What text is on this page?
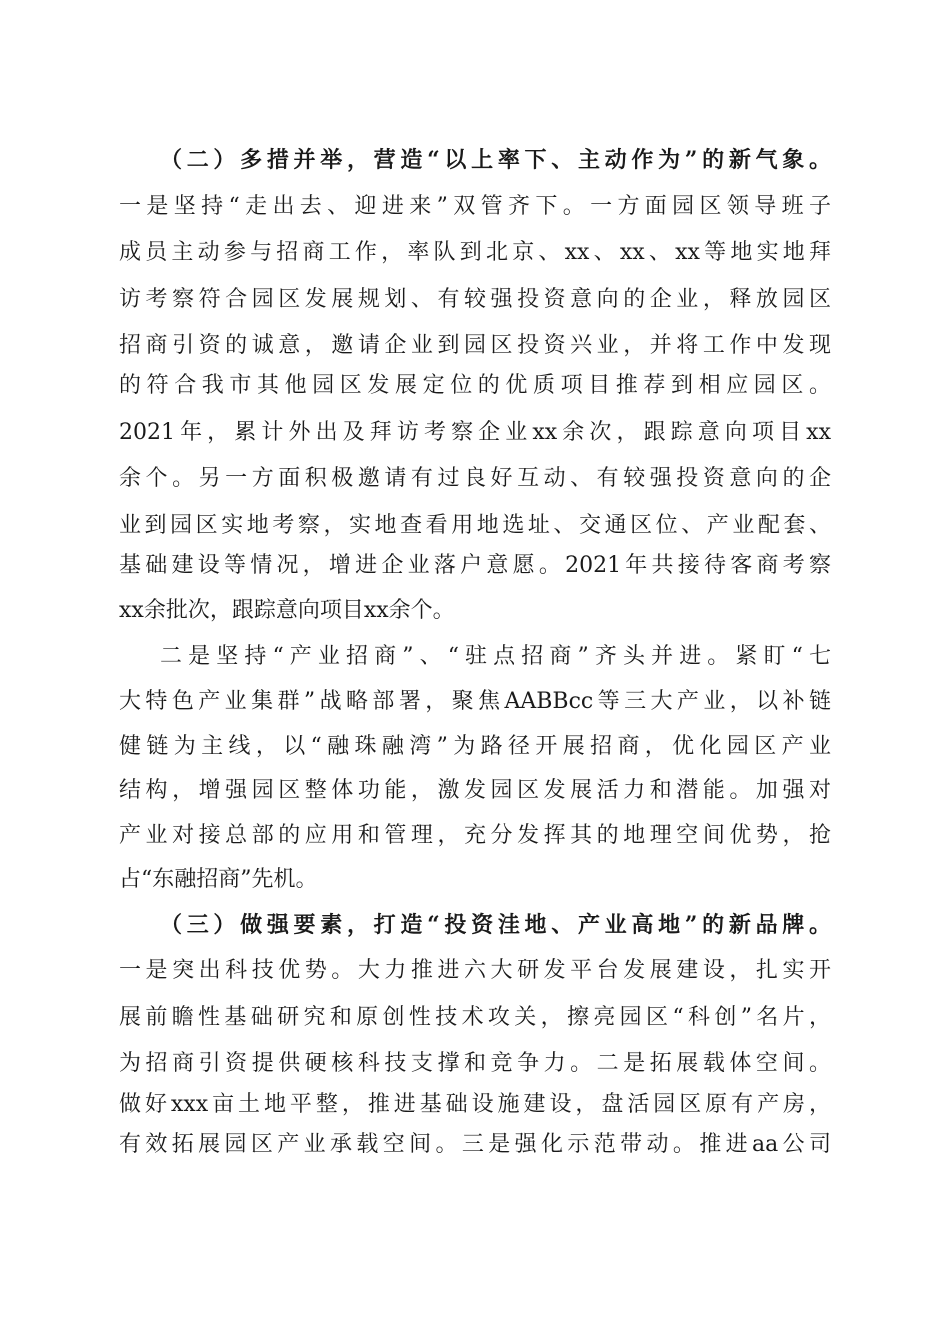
（二）多措并举，营造“以上率下、主动作为”的新气象。
一是坚持“走出去、迎进来”双管齐下。一方面园区领导班子
成员主动参与招商工作，率队到北京、xx、xx、xx等地实地拜
访考察符合园区发展规划、有较强投资意向的企业，释放园区
招商引资的诚意，邀请企业到园区投资兴业，并将工作中发现
的符合我市其他园区发展定位的优质项目推荐到相应园区。
2021年，累计外出及拜访考察企业xx余次，跟踪意向项目xx
余个。另一方面积极邀请有过良好互动、有较强投资意向的企
业到园区实地考察，实地查看用地选址、交通区位、产业配套、
基础建设等情况，增进企业落户意愿。2021年共接待客商考察
xx余批次，跟踪意向项目xx余个。
二是坚持“产业招商”、“驻点招商”齐头并进。紧盯“七
大特色产业集群”战略部署，聚焦AABBcc等三大产业，以补链
健链为主线，以“融珠融湾”为路径开展招商，优化园区产业
结构，增强园区整体功能，激发园区发展活力和潜能。加强对
产业对接总部的应用和管理，充分发挥其的地理空间优势，抢
占“东融招商”先机。
（三）做强要素，打造“投资洼地、产业高地”的新品牌。
一是突出科技优势。大力推进六大研发平台发展建设，扎实开
展前瞻性基础研究和原创性技术攻关，擦亮园区“科创”名片，
为招商引资提供硬核科技支撑和竞争力。二是拓展载体空间。
做好xxx亩土地平整，推进基础设施建设，盘活园区原有产房，
有效拓展园区产业承载空间。三是强化示范带动。推进aa公司
